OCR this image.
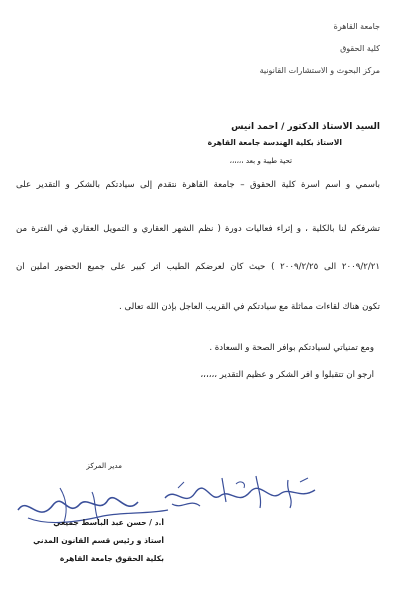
جامعة القاهرة
كلية الحقوق
مركز البحوث و الاستشارات القانونية
السيد الأستاذ الدكتور / احمد انيس
الاستاذ بكلية الهندسة جامعة القاهرة
تحية طيبة و بعد ،،،،،،
باسمي و أسم أسرة كلية الحقوق – جامعة القاهرة نتقدم إلى سيادتكم بالشكر و التقدير على
تشرفكم لنا بالكلية ، و إثراء فعاليات دورة ( نظم الشهر العقاري و التمويل العقاري في الفترة من
٢٠٠٩/٢/٢١ الى ٢٠٠٩/٢/٢٥ ) حيث كان لعرضكم الطيب أثر كبير على جميع الحضور آملين أن
تكون هناك لقاءات مماثلة مع سيادتكم في القريب العاجل بإذن الله تعالى .
ومع تمنياتي لسيادتكم بوافر الصحة و السعادة .
أرجو أن تتقبلوا و افر الشكر و عظيم التقدير ،،،،،،
مدير المركز
أ.د / حسن عبد الباسط جميعي
أستاذ و رئيس قسم القانون المدني
بكلية الحقوق جامعة القاهرة
